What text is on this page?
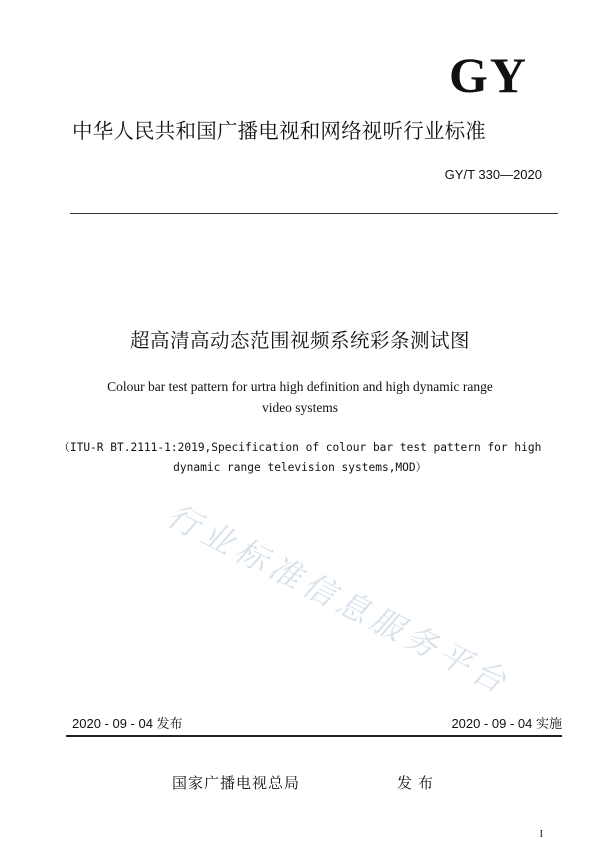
GY
中华人民共和国广播电视和网络视听行业标准
GY/T 330—2020
超高清高动态范围视频系统彩条测试图
Colour bar test pattern for urtra high definition and high dynamic range
video systems
（ITU-R BT.2111-1:2019,Specification of colour bar test pattern for high
dynamic range television systems,MOD）
行业标准信息服务平台
2020 - 09 - 04 发布	2020 - 09 - 04 实施
国家广播电视总局	发布
I
